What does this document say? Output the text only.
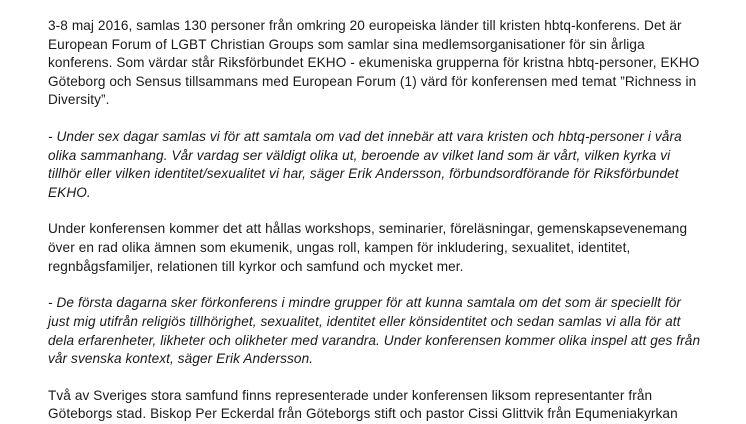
3-8 maj 2016, samlas 130 personer från omkring 20 europeiska länder till kristen hbtq-konferens. Det är European Forum of LGBT Christian Groups som samlar sina medlemsorganisationer för sin årliga konferens. Som värdar står Riksförbundet EKHO - ekumeniska grupperna för kristna hbtq-personer, EKHO Göteborg och Sensus tillsammans med European Forum (1) värd för konferensen med temat ”Richness in Diversity”.

- Under sex dagar samlas vi för att samtala om vad det innebär att vara kristen och hbtq-personer i våra olika sammanhang. Vår vardag ser väldigt olika ut, beroende av vilket land som är vårt, vilken kyrka vi tillhör eller vilken identitet/sexualitet vi har, säger Erik Andersson, förbundsordförande för Riksförbundet EKHO.

Under konferensen kommer det att hållas workshops, seminarier, föreläsningar, gemenskapsevenemang över en rad olika ämnen som ekumenik, ungas roll, kampen för inkludering, sexualitet, identitet, regnbågsfamiljer, relationen till kyrkor och samfund och mycket mer.

- De första dagarna sker förkonferens i mindre grupper för att kunna samtala om det som är speciellt för just mig utifrån religiös tillhörighet, sexualitet, identitet eller könsidentitet och sedan samlas vi alla för att dela erfarenheter, likheter och olikheter med varandra. Under konferensen kommer olika inspel att ges från vår svenska kontext, säger Erik Andersson.

Två av Sveriges stora samfund finns representerade under konferensen liksom representanter från Göteborgs stad. Biskop Per Eckerdal från Göteborgs stift och pastor Cissi Glittvik från Equmeniakyrkan
